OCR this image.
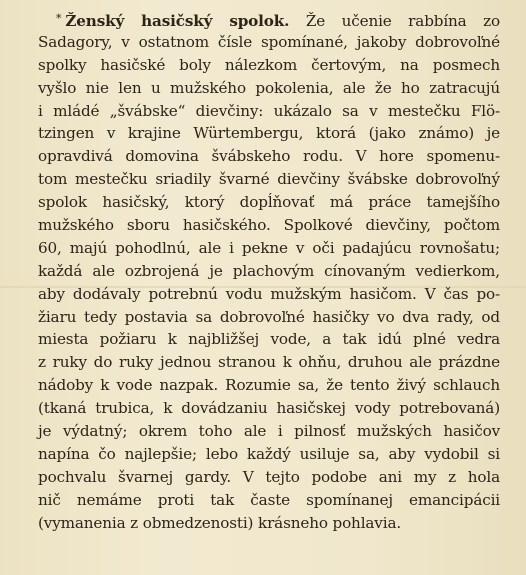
* Ženský hasičský spolok. Že učenie rabbína zo
Sadagory, v ostatnom čísle spomínané, jakoby dobrovoľné
spolky hasičské boly nálezkom čertovým, na posmech
vyšlo nie len u mužského pokolenia, ale že ho zatracujú
i mládé „švábske“ dievčiny: ukázalo sa v mestečku Flö-
tzingen v krajine Würtembergu, ktorá (jako známo) je
opravdivá domovina švábskeho rodu. V hore spomenu-
tom mestečku sriadily švarné dievčiny švábske dobrovoľný
spolok hasičský, ktorý dopĺňovať má práce tamejšího
mužského sboru hasičského. Spolkové dievčiny, počtom
60, majú pohodlnú, ale i pekne v oči padajúcu rovnošatu;
každá ale ozbrojená je plachovým cínovaným vedierkom,
aby dodávaly potrebnú vodu mužským hasičom. V čas po-
žiaru tedy postavia sa dobrovoľné hasičky vo dva rady, od
miesta požiaru k najbližšej vode, a tak idú plné vedra
z ruky do ruky jednou stranou k ohňu, druhou ale prázdne
nádoby k vode nazpak. Rozumie sa, že tento živý schlauch
(tkaná trubica, k dovádzaniu hasičskej vody potrebovaná)
je výdatný; okrem toho ale i pilnosť mužských hasičov
napína čo najlepšie; lebo každý usiluje sa, aby vydobil si
pochvalu švarnej gardy. V tejto podobe ani my z hola
nič nemáme proti tak časte spomínanej emancipácii
(vymanenia z obmedzenosti) krásneho pohlavia.
